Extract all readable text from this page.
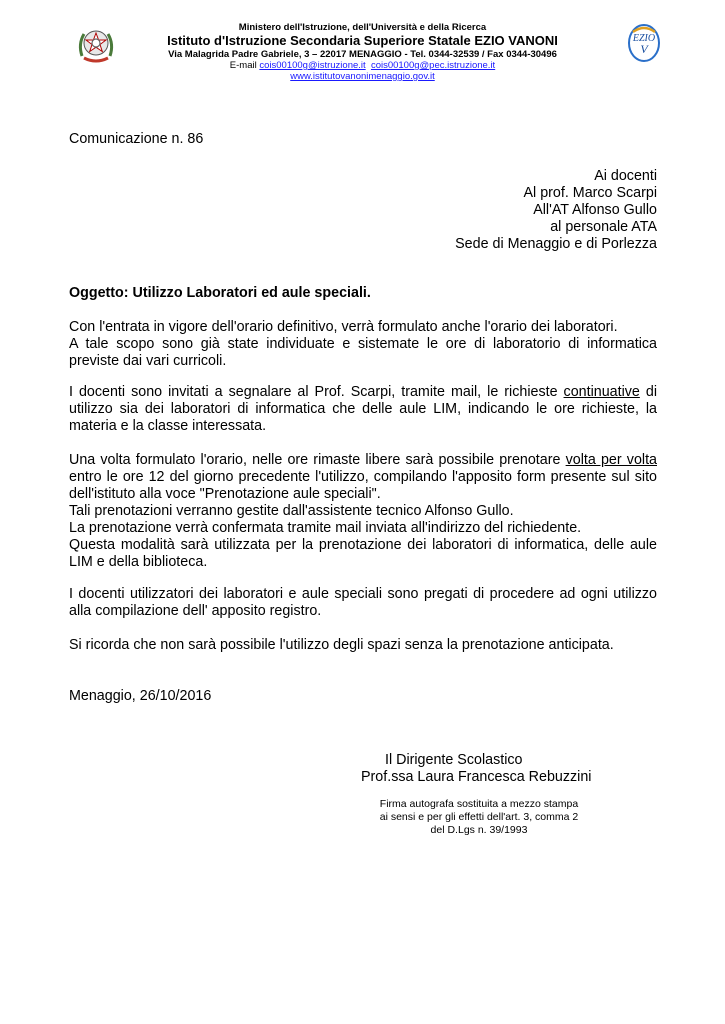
Ministero dell'Istruzione, dell'Università e della Ricerca
Istituto d'Istruzione Secondaria Superiore Statale EZIO VANONI
Via Malagrida Padre Gabriele, 3 – 22017 MENAGGIO - Tel. 0344-32539 / Fax 0344-30496
E-mail cois00100g@istruzione.it cois00100g@pec.istruzione.it
www.istitutovanonimenaggio.gov.it
EZIO
V
Comunicazione n. 86
Ai docenti
Al prof. Marco Scarpi
All'AT Alfonso Gullo
al personale ATA
Sede di Menaggio e di Porlezza
Oggetto: Utilizzo Laboratori ed aule speciali.
Con l'entrata in vigore dell'orario definitivo, verrà formulato anche l'orario dei laboratori.
A tale scopo sono già state individuate e sistemate le ore di laboratorio di informatica previste dai vari curricoli.
I docenti sono invitati a segnalare al Prof. Scarpi, tramite mail, le richieste continuative di utilizzo sia dei laboratori di informatica che delle aule LIM, indicando le ore richieste, la materia e la classe interessata.
Una volta formulato l'orario, nelle ore rimaste libere sarà possibile prenotare volta per volta entro le ore 12 del giorno precedente l'utilizzo, compilando l'apposito form presente sul sito dell'istituto alla voce "Prenotazione aule speciali".
Tali prenotazioni verranno gestite dall'assistente tecnico Alfonso Gullo.
La prenotazione verrà confermata tramite mail inviata all'indirizzo del richiedente.
Questa modalità sarà utilizzata per la prenotazione dei laboratori di informatica, delle aule LIM e della biblioteca.
I docenti utilizzatori dei laboratori e aule speciali sono pregati di procedere ad ogni utilizzo alla compilazione dell' apposito registro.
Si ricorda che non sarà possibile l'utilizzo degli spazi senza la prenotazione anticipata.
Menaggio, 26/10/2016
Il Dirigente Scolastico
Prof.ssa Laura Francesca Rebuzzini
Firma autografa sostituita a mezzo stampa
ai sensi e per gli effetti dell'art. 3, comma 2
del D.Lgs n. 39/1993
